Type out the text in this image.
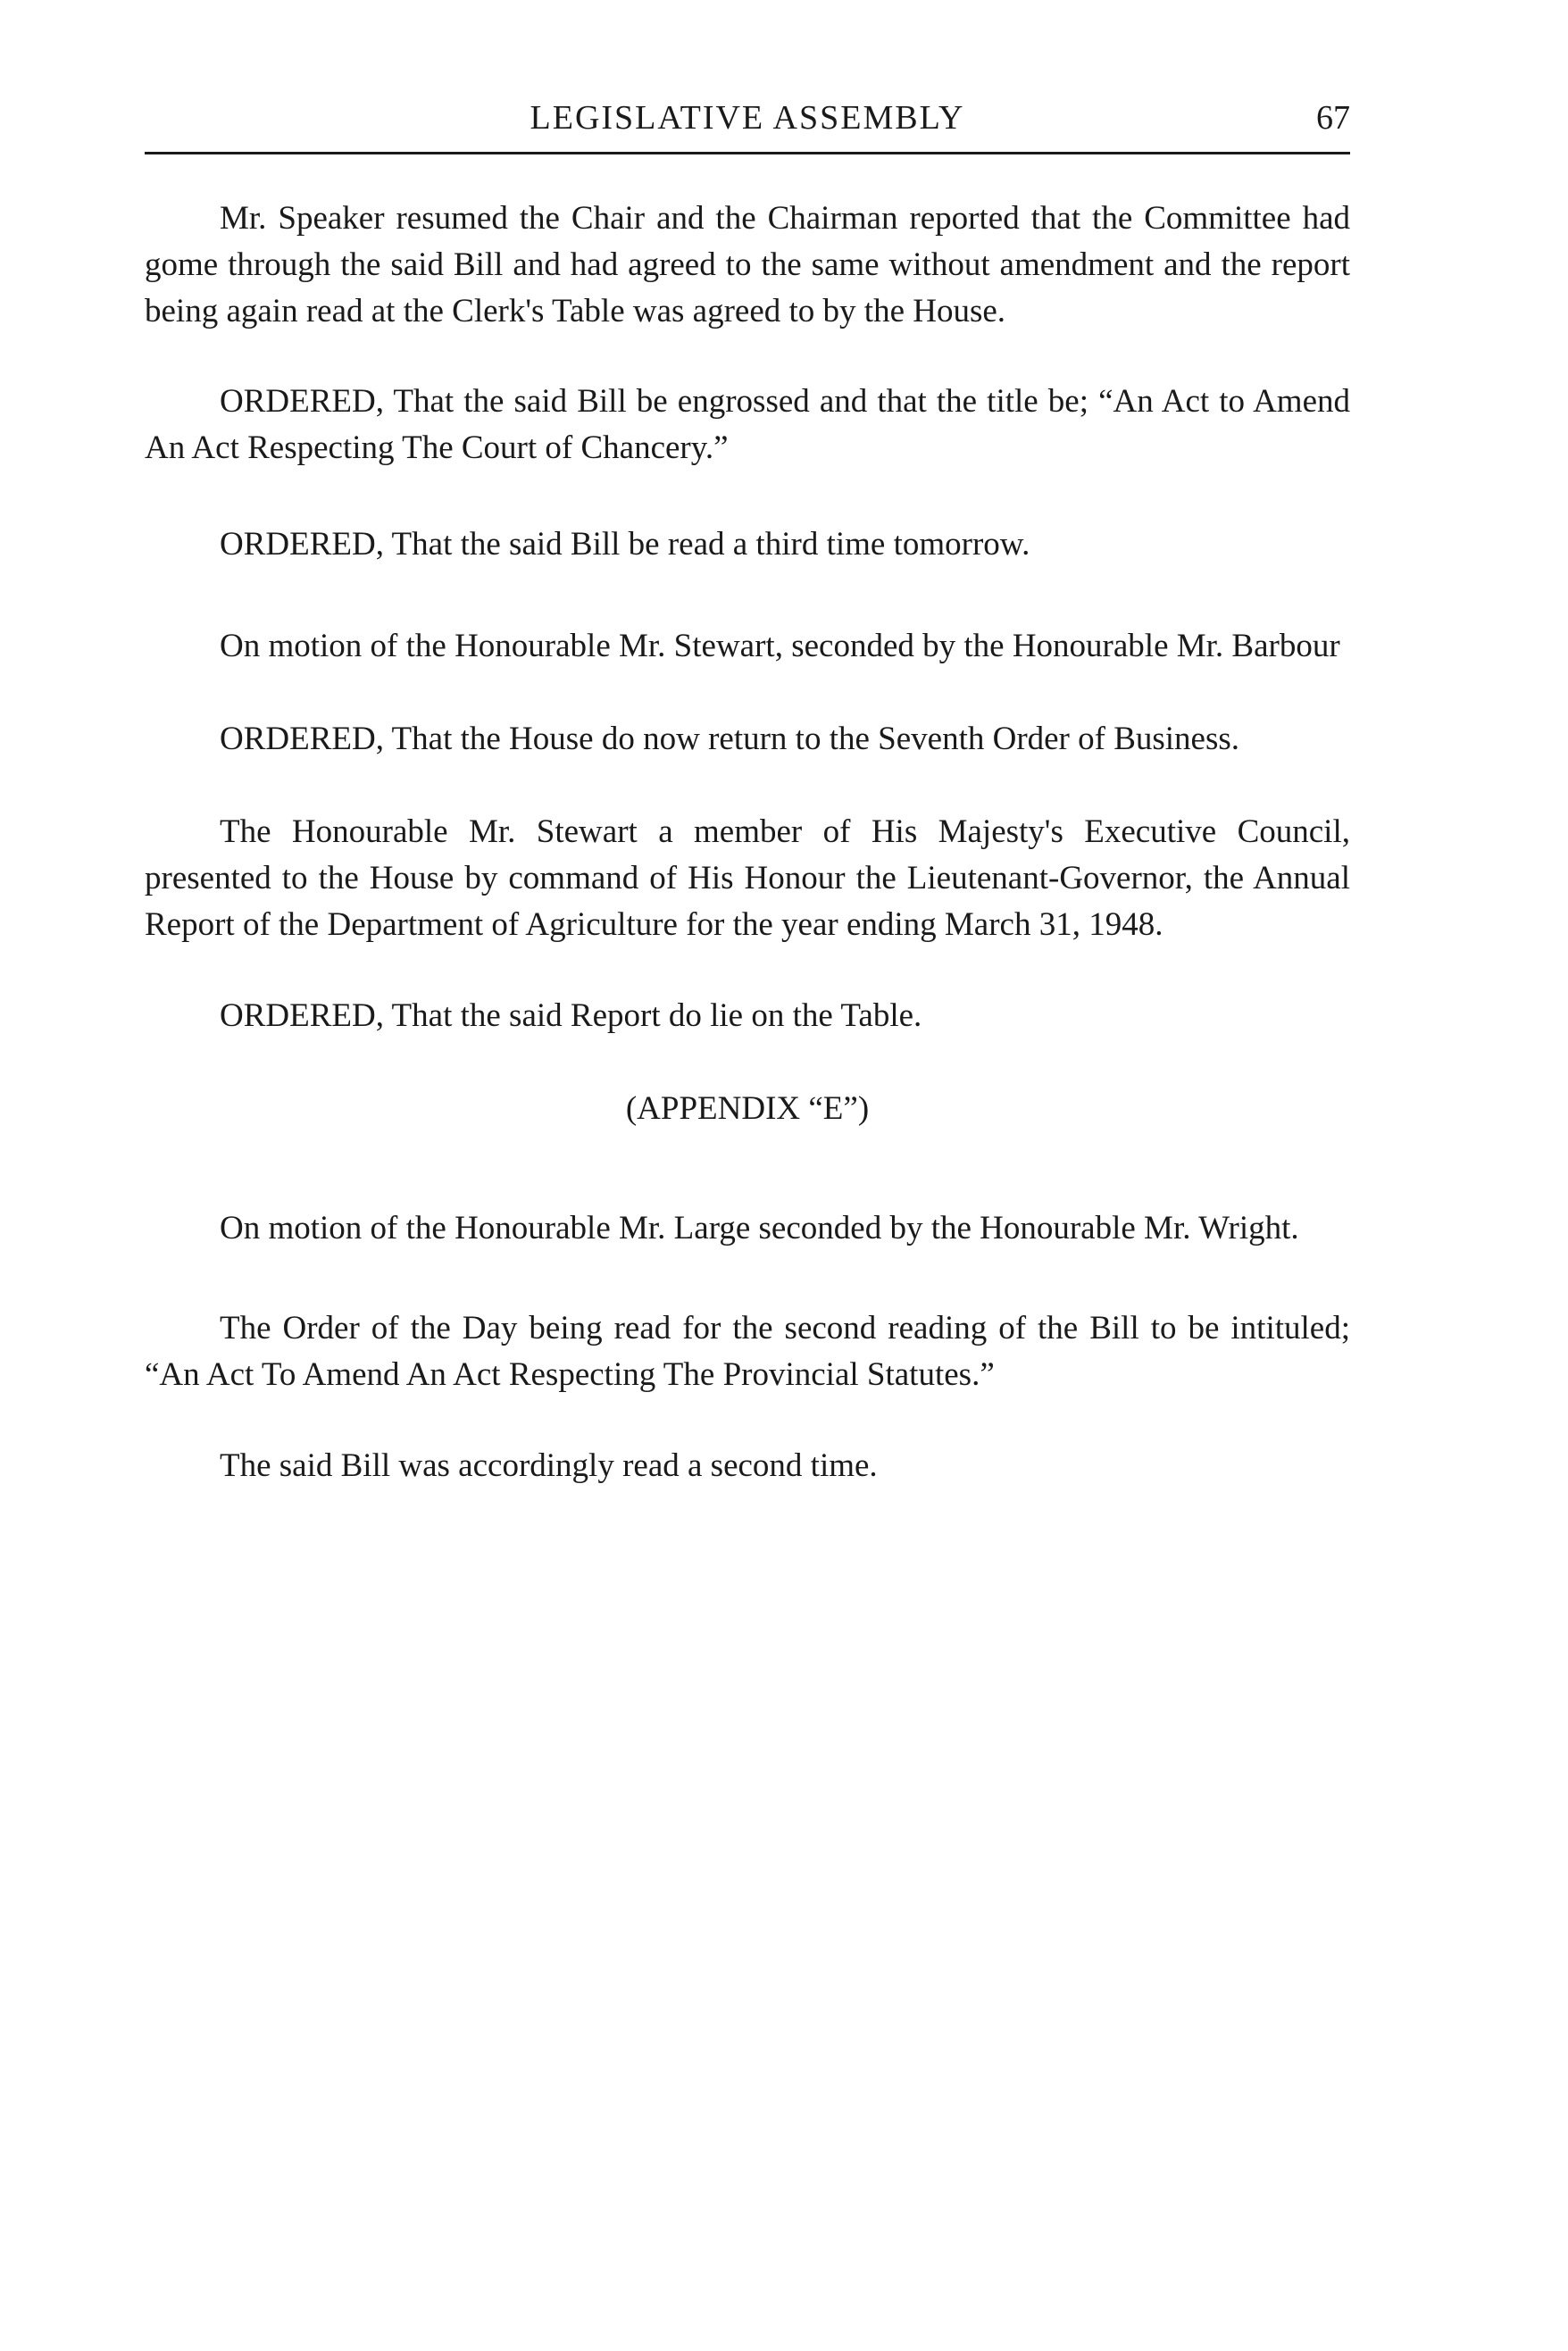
LEGISLATIVE ASSEMBLY	67

Mr. Speaker resumed the Chair and the Chairman reported that the Committee had gome through the said Bill and had agreed to the same without amendment and the report being again read at the Clerk's Table was agreed to by the House.

ORDERED, That the said Bill be engrossed and that the title be; “An Act to Amend An Act Respecting The Court of Chancery.”

ORDERED, That the said Bill be read a third time tomorrow.

On motion of the Honourable Mr. Stewart, seconded by the Honourable Mr. Barbour

ORDERED, That the House do now return to the Seventh Order of Business.

The Honourable Mr. Stewart a member of His Majesty's Executive Council, presented to the House by command of His Honour the Lieutenant-Governor, the Annual Report of the Department of Agriculture for the year ending March 31, 1948.

ORDERED, That the said Report do lie on the Table.

(APPENDIX “E”)

On motion of the Honourable Mr. Large seconded by the Honourable Mr. Wright.

The Order of the Day being read for the second reading of the Bill to be intituled; “An Act To Amend An Act Respecting The Provincial Statutes.”

The said Bill was accordingly read a second time.
